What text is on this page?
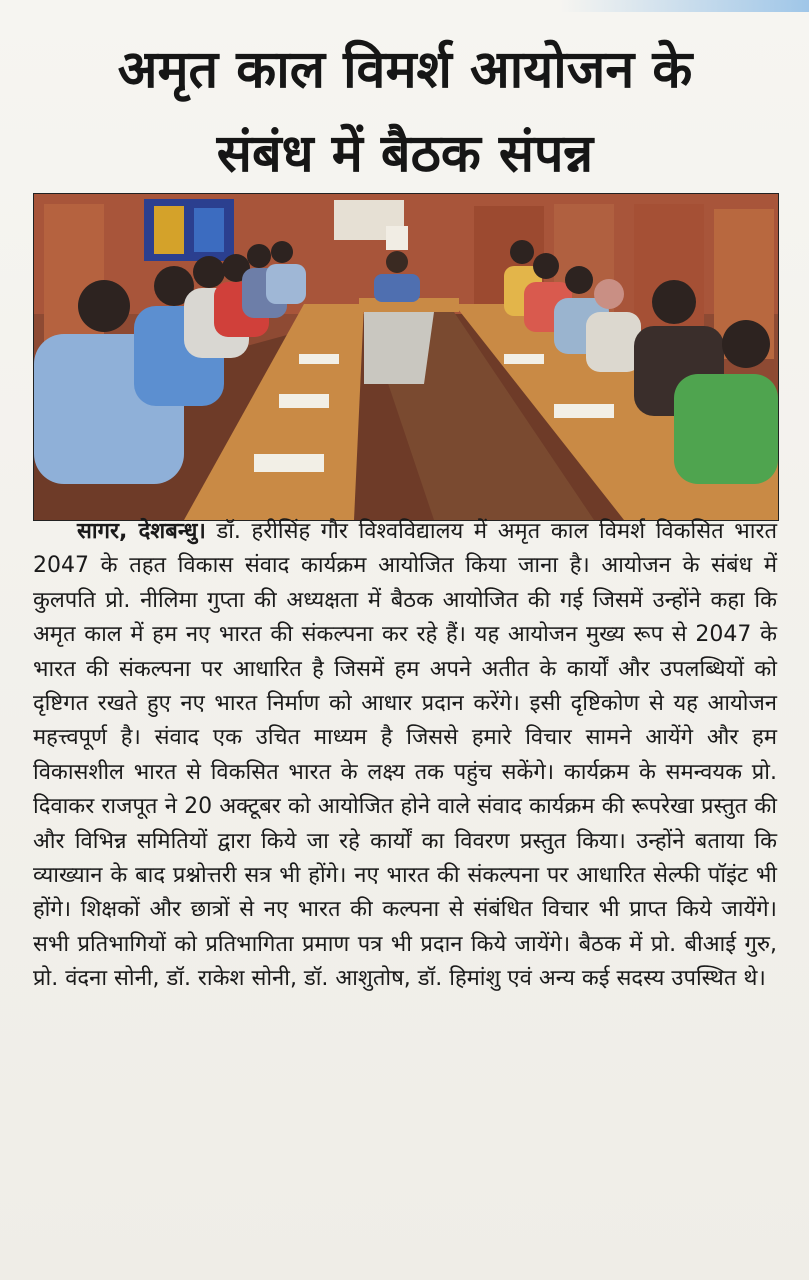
अमृत काल विमर्श आयोजन के
संबंध में बैठक संपन्न

सागर, देशबन्धु। डॉ. हरीसिंह गौर विश्वविद्यालय में अमृत काल विमर्श विकसित भारत 2047 के तहत विकास संवाद कार्यक्रम आयोजित किया जाना है। आयोजन के संबंध में कुलपति प्रो. नीलिमा गुप्ता की अध्यक्षता में बैठक आयोजित की गई जिसमें उन्होंने कहा कि अमृत काल में हम नए भारत की संकल्पना कर रहे हैं। यह आयोजन मुख्य रूप से 2047 के भारत की संकल्पना पर आधारित है जिसमें हम अपने अतीत के कार्यों और उपलब्धियों को दृष्टिगत रखते हुए नए भारत निर्माण को आधार प्रदान करेंगे। इसी दृष्टिकोण से यह आयोजन महत्त्वपूर्ण है। संवाद एक उचित माध्यम है जिससे हमारे विचार सामने आयेंगे और हम विकासशील भारत से विकसित भारत के लक्ष्य तक पहुंच सकेंगे। कार्यक्रम के समन्वयक प्रो. दिवाकर राजपूत ने 20 अक्टूबर को आयोजित होने वाले संवाद कार्यक्रम की रूपरेखा प्रस्तुत की और विभिन्न समितियों द्वारा किये जा रहे कार्यों का विवरण प्रस्तुत किया। उन्होंने बताया कि व्याख्यान के बाद प्रश्नोत्तरी सत्र भी होंगे। नए भारत की संकल्पना पर आधारित सेल्फी पॉइंट भी होंगे। शिक्षकों और छात्रों से नए भारत की कल्पना से संबंधित विचार भी प्राप्त किये जायेंगे। सभी प्रतिभागियों को प्रतिभागिता प्रमाण पत्र भी प्रदान किये जायेंगे। बैठक में प्रो. बीआई गुरु, प्रो. वंदना सोनी, डॉ. राकेश सोनी, डॉ. आशुतोष, डॉ. हिमांशु एवं अन्य कई सदस्य उपस्थित थे।
